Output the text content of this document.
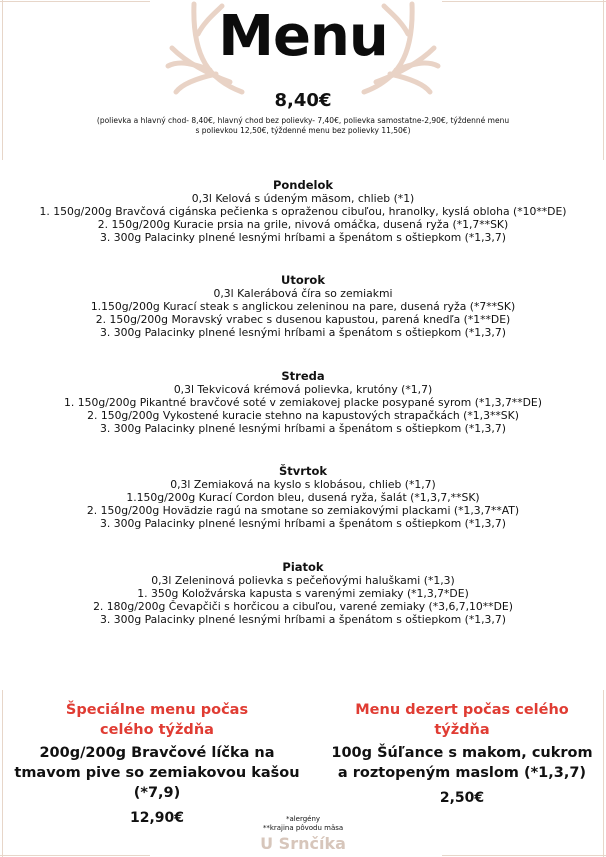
Menu
8,40€
(polievka a hlavný chod- 8,40€, hlavný chod bez polievky- 7,40€, polievka samostatne-2,90€, týždenné menu s polievkou 12,50€, týždenné menu bez polievky 11,50€)
Pondelok
0,3l Kelová s údeným mäsom, chlieb (*1)
1. 150g/200g Bravčová cigánska pečienka s opraženou cibuľou, hranolky, kyslá obloha (*10**DE)
2. 150g/200g Kuracie prsia na grile, nivová omáčka, dusená ryža (*1,7**SK)
3. 300g Palacinky plnené lesnými hríbami a špenátom s oštiepkom (*1,3,7)
Utorok
0,3l Kalerábová číra so zemiakmi
1.150g/200g Kurací steak s anglickou zeleninou na pare, dusená ryža (*7**SK)
2. 150g/200g Moravský vrabec s dusenou kapustou, parená knedľa (*1**DE)
3. 300g Palacinky plnené lesnými hríbami a špenátom s oštiepkom (*1,3,7)
Streda
0,3l Tekvicová krémová polievka, krutóny (*1,7)
1. 150g/200g Pikantné bravčové soté v zemiakovej placke posypané syrom (*1,3,7**DE)
2. 150g/200g Vykostené kuracie stehno na kapustových strapačkách (*1,3**SK)
3. 300g Palacinky plnené lesnými hríbami a špenátom s oštiepkom (*1,3,7)
Štvrtok
0,3l Zemiaková na kyslo s klobásou, chlieb (*1,7)
1.150g/200g Kurací Cordon bleu, dusená ryža, šalát (*1,3,7,**SK)
2. 150g/200g Hovädzie ragú na smotane so zemiakovými plackami (*1,3,7**AT)
3. 300g Palacinky plnené lesnými hríbami a špenátom s oštiepkom (*1,3,7)
Piatok
0,3l Zeleninová polievka s pečeňovými haluškami (*1,3)
1. 350g Koložvárska kapusta s varenými zemiaky (*1,3,7*DE)
2. 180g/200g Čevapčiči s horčicou a cibuľou, varené zemiaky (*3,6,7,10**DE)
3. 300g Palacinky plnené lesnými hríbami a špenátom s oštiepkom (*1,3,7)
Špeciálne menu počas celého týždňa
200g/200g Bravčové líčka na tmavom pive so zemiakovou kašou (*7,9)
12,90€
Menu dezert počas celého týždňa
100g Šúľance s makom, cukrom a roztopeným maslom (*1,3,7)
2,50€
*alergény
**krajina pôvodu mäsa
U Srnčíka
